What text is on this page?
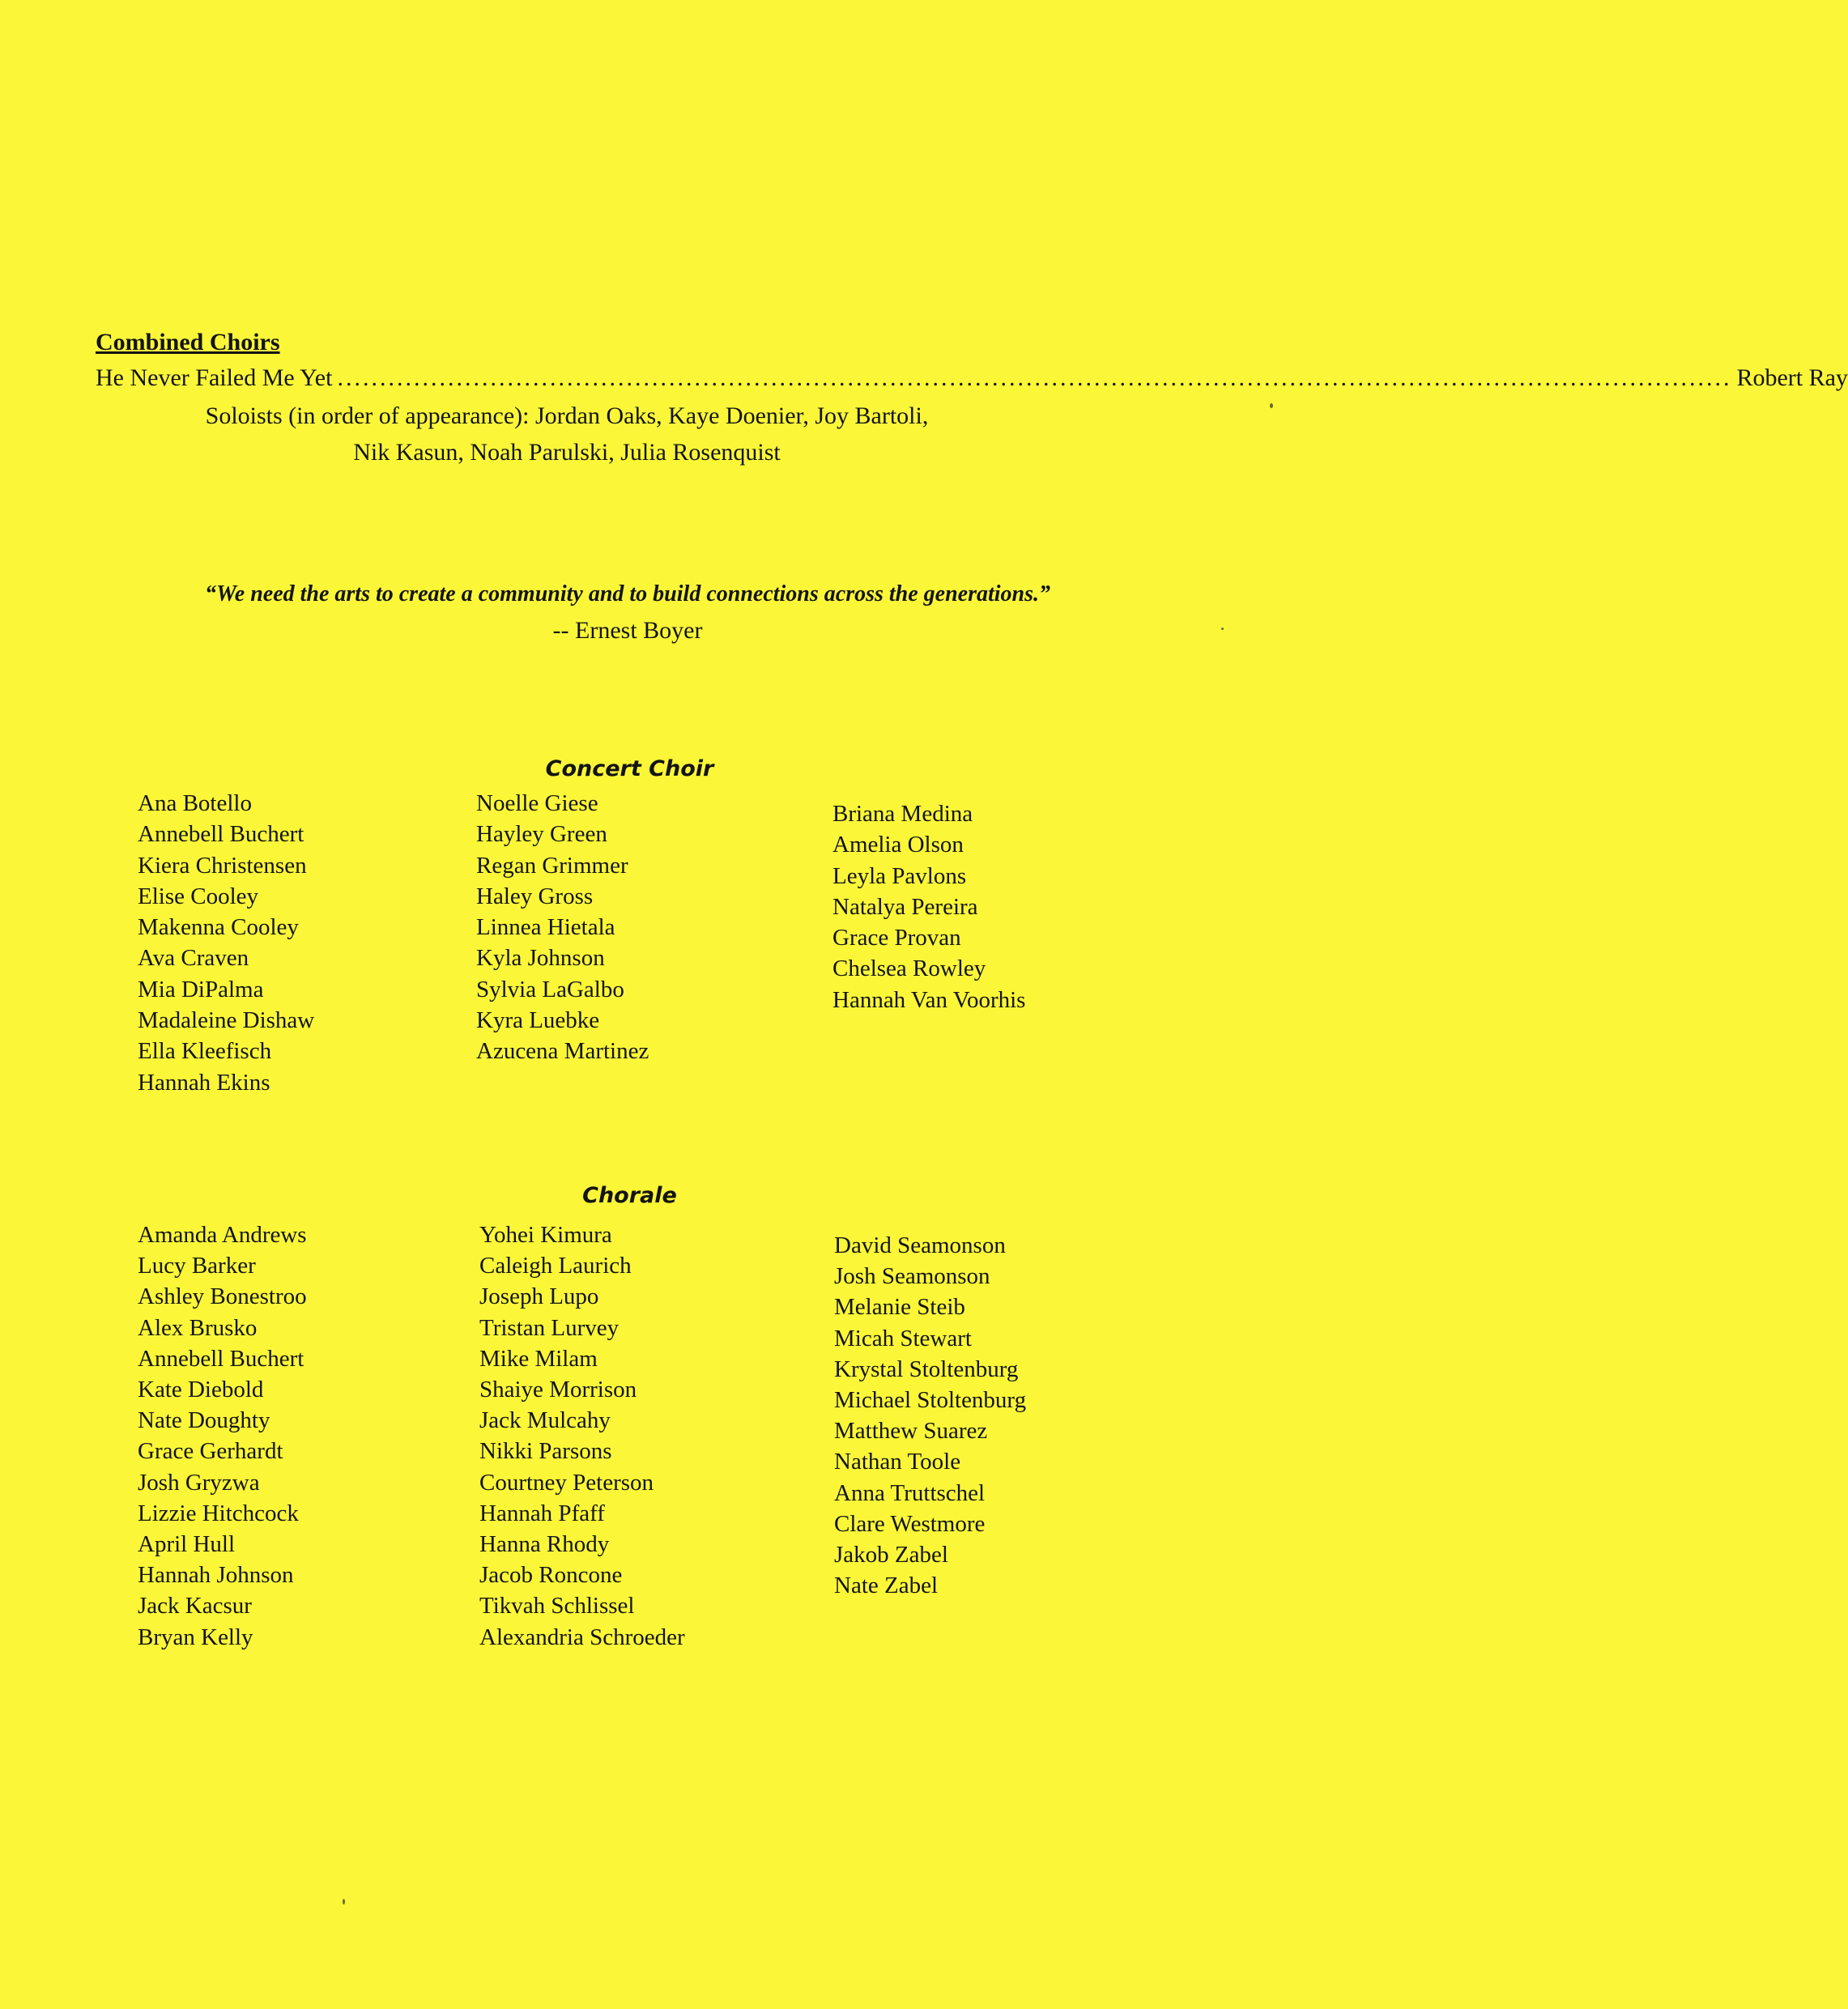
Combined Choirs
He Never Failed Me Yet .................................................................................................................................................................... Robert Ray
Soloists (in order of appearance): Jordan Oaks, Kaye Doenier, Joy Bartoli,
Nik Kasun, Noah Parulski, Julia Rosenquist
“We need the arts to create a community and to build connections across the generations.”
-- Ernest Boyer
Concert Choir
Ana Botello
Annebell Buchert
Kiera Christensen
Elise Cooley
Makenna Cooley
Ava Craven
Mia DiPalma
Madaleine Dishaw
Ella Kleefisch
Hannah Ekins
Noelle Giese
Hayley Green
Regan Grimmer
Haley Gross
Linnea Hietala
Kyla Johnson
Sylvia LaGalbo
Kyra Luebke
Azucena Martinez
Briana Medina
Amelia Olson
Leyla Pavlons
Natalya Pereira
Grace Provan
Chelsea Rowley
Hannah Van Voorhis
Chorale
Amanda Andrews
Lucy Barker
Ashley Bonestroo
Alex Brusko
Annebell Buchert
Kate Diebold
Nate Doughty
Grace Gerhardt
Josh Gryzwa
Lizzie Hitchcock
April Hull
Hannah Johnson
Jack Kacsur
Bryan Kelly
Yohei Kimura
Caleigh Laurich
Joseph Lupo
Tristan Lurvey
Mike Milam
Shaiye Morrison
Jack Mulcahy
Nikki Parsons
Courtney Peterson
Hannah Pfaff
Hanna Rhody
Jacob Roncone
Tikvah Schlissel
Alexandria Schroeder
David Seamonson
Josh Seamonson
Melanie Steib
Micah Stewart
Krystal Stoltenburg
Michael Stoltenburg
Matthew Suarez
Nathan Toole
Anna Truttschel
Clare Westmore
Jakob Zabel
Nate Zabel
